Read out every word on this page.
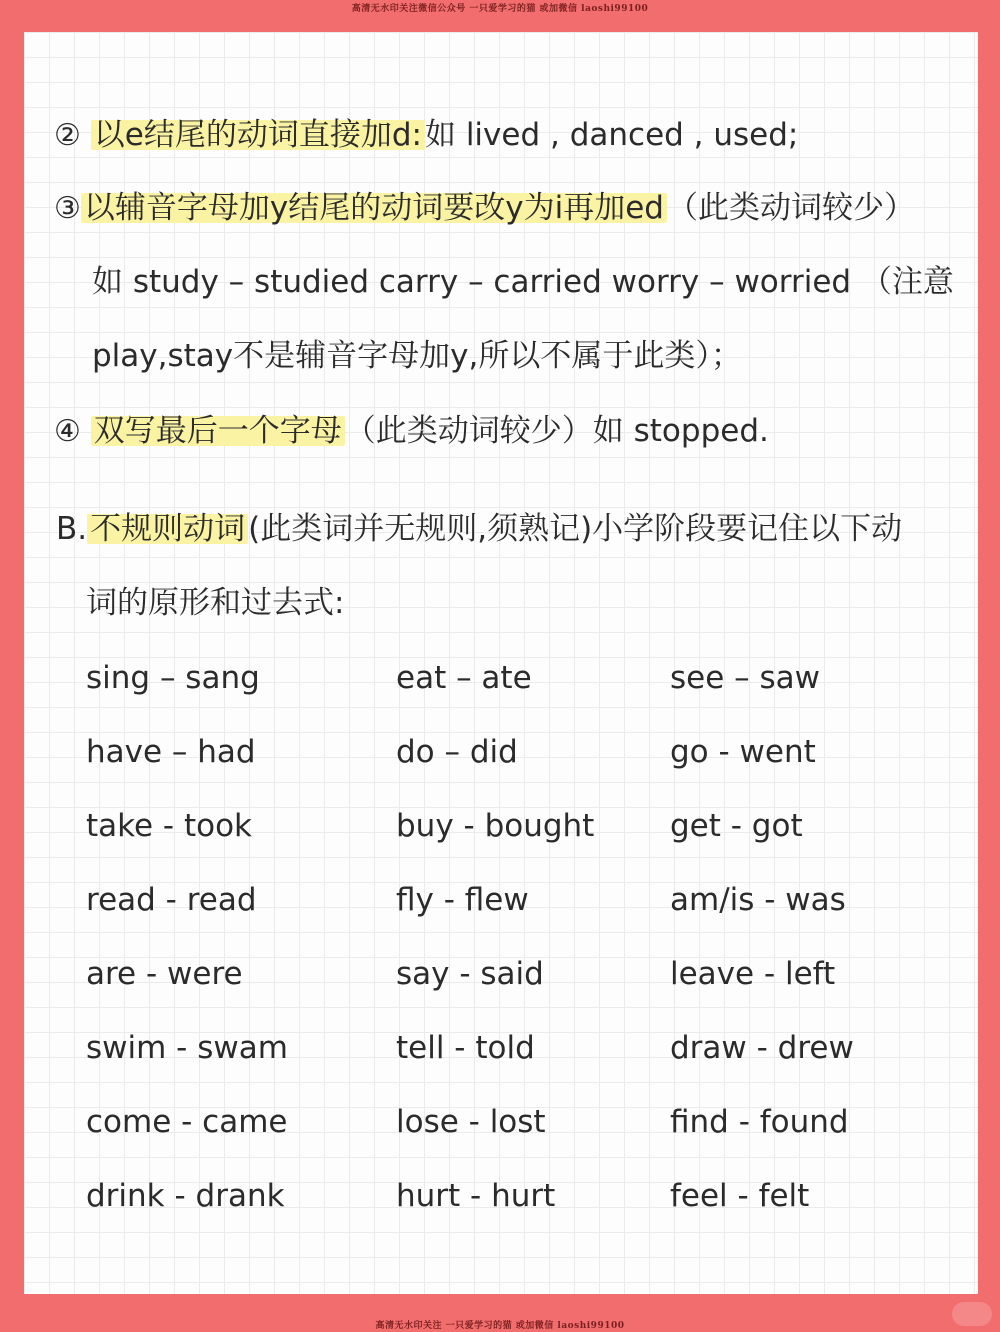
高清无水印关注微信公众号 一只爱学习的猫 或加微信 laoshi99100
② 以e结尾的动词直接加d:如 lived , danced , used;
③以辅音字母加y结尾的动词要改y为i再加ed（此类动词较少）
如 study – studied carry – carried worry – worried （注意
play,stay不是辅音字母加y,所以不属于此类）；
④ 双写最后一个字母（此类动词较少）如 stopped.
B.不规则动词(此类词并无规则,须熟记)小学阶段要记住以下动
词的原形和过去式:
sing – sang	eat – ate	see – saw
have – had	do – did	go - went
take - took	buy - bought get - got
read - read	fly - flew	am/is - was
are - were	say - said	leave - left
swim - swam	tell - told	draw - drew
come - came	lose - lost	find - found
drink - drank	hurt - hurt	feel - felt
高清无水印关注 一只爱学习的猫 或加微信 laoshi99100
